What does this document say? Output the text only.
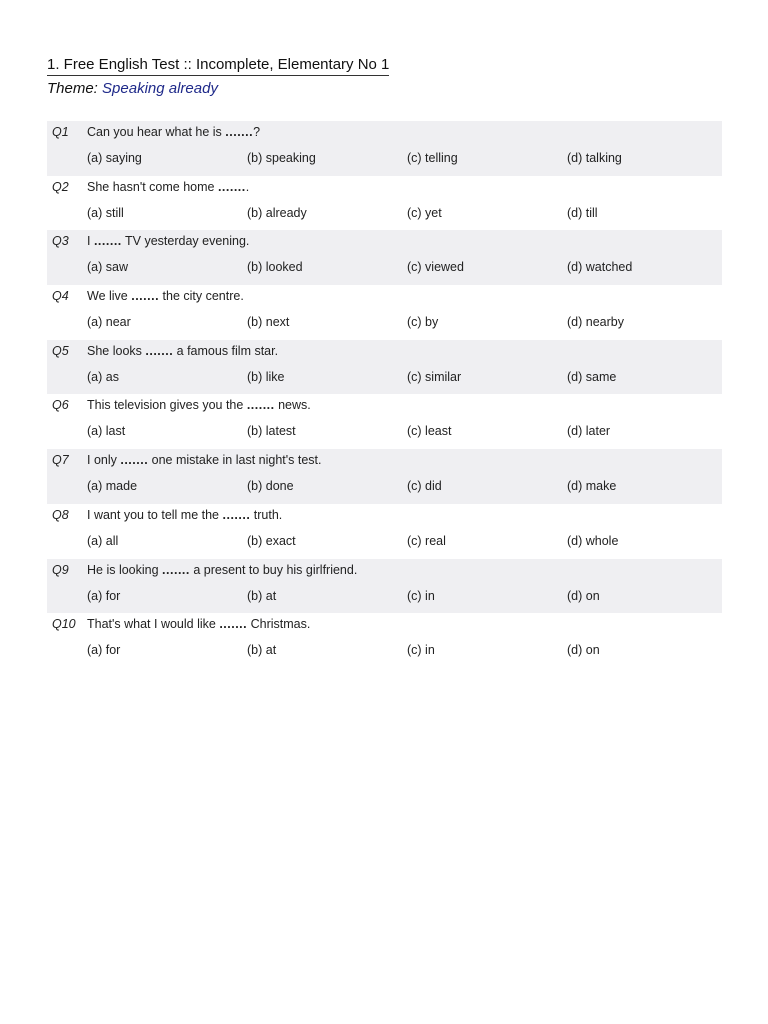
1. Free English Test :: Incomplete, Elementary No 1
Theme: Speaking already
Q1 Can you hear what he is .......?
(a) saying	(b) speaking	(c) telling	(d) talking
Q2 She hasn't come home ........
(a) still	(b) already	(c) yet	(d) till
Q3 I ....... TV yesterday evening.
(a) saw	(b) looked	(c) viewed	(d) watched
Q4 We live ....... the city centre.
(a) near	(b) next	(c) by	(d) nearby
Q5 She looks ....... a famous film star.
(a) as	(b) like	(c) similar	(d) same
Q6 This television gives you the ....... news.
(a) last	(b) latest	(c) least	(d) later
Q7 I only ....... one mistake in last night's test.
(a) made	(b) done	(c) did	(d) make
Q8 I want you to tell me the ....... truth.
(a) all	(b) exact	(c) real	(d) whole
Q9 He is looking ....... a present to buy his girlfriend.
(a) for	(b) at	(c) in	(d) on
Q10 That's what I would like ....... Christmas.
(a) for	(b) at	(c) in	(d) on
